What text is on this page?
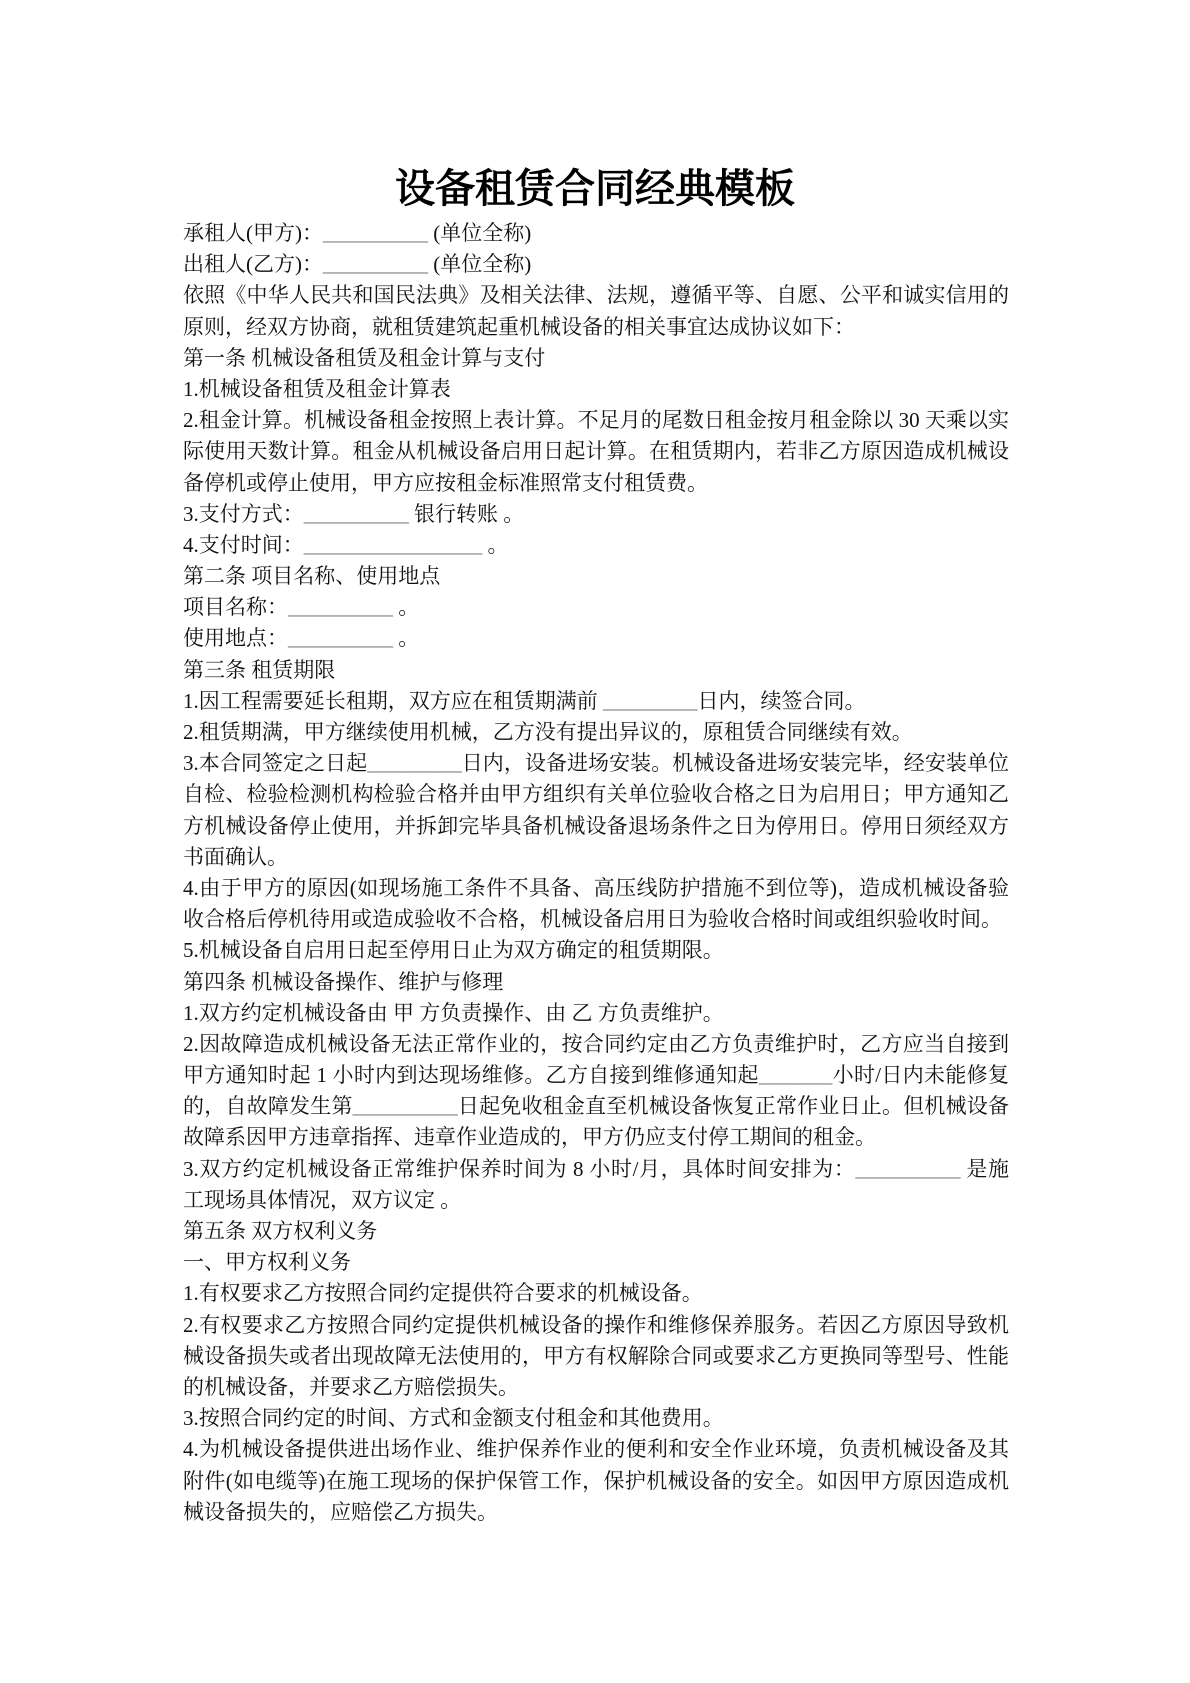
设备租赁合同经典模板
承租人(甲方)：__________ (单位全称)
出租人(乙方)：__________ (单位全称)
依照《中华人民共和国民法典》及相关法律、法规，遵循平等、自愿、公平和诚实信用的
原则，经双方协商，就租赁建筑起重机械设备的相关事宜达成协议如下：
第一条 机械设备租赁及租金计算与支付
1.机械设备租赁及租金计算表
2.租金计算。机械设备租金按照上表计算。不足月的尾数日租金按月租金除以 30 天乘以实
际使用天数计算。租金从机械设备启用日起计算。在租赁期内，若非乙方原因造成机械设
备停机或停止使用，甲方应按租金标准照常支付租赁费。
3.支付方式：__________ 银行转账 。
4.支付时间：_________________ 。
第二条 项目名称、使用地点
项目名称：__________ 。
使用地点：__________ 。
第三条 租赁期限
1.因工程需要延长租期，双方应在租赁期满前 _________日内，续签合同。
2.租赁期满，甲方继续使用机械，乙方没有提出异议的，原租赁合同继续有效。
3.本合同签定之日起_________日内，设备进场安装。机械设备进场安装完毕，经安装单位
自检、检验检测机构检验合格并由甲方组织有关单位验收合格之日为启用日；甲方通知乙
方机械设备停止使用，并拆卸完毕具备机械设备退场条件之日为停用日。停用日须经双方
书面确认。
4.由于甲方的原因(如现场施工条件不具备、高压线防护措施不到位等)，造成机械设备验
收合格后停机待用或造成验收不合格，机械设备启用日为验收合格时间或组织验收时间。
5.机械设备自启用日起至停用日止为双方确定的租赁期限。
第四条 机械设备操作、维护与修理
1.双方约定机械设备由 甲 方负责操作、由 乙 方负责维护。
2.因故障造成机械设备无法正常作业的，按合同约定由乙方负责维护时，乙方应当自接到
甲方通知时起 1 小时内到达现场维修。乙方自接到维修通知起_______小时/日内未能修复
的，自故障发生第__________日起免收租金直至机械设备恢复正常作业日止。但机械设备
故障系因甲方违章指挥、违章作业造成的，甲方仍应支付停工期间的租金。
3.双方约定机械设备正常维护保养时间为 8 小时/月，具体时间安排为：__________ 是施
工现场具体情况，双方议定 。
第五条 双方权利义务
一、甲方权利义务
1.有权要求乙方按照合同约定提供符合要求的机械设备。
2.有权要求乙方按照合同约定提供机械设备的操作和维修保养服务。若因乙方原因导致机
械设备损失或者出现故障无法使用的，甲方有权解除合同或要求乙方更换同等型号、性能
的机械设备，并要求乙方赔偿损失。
3.按照合同约定的时间、方式和金额支付租金和其他费用。
4.为机械设备提供进出场作业、维护保养作业的便利和安全作业环境，负责机械设备及其
附件(如电缆等)在施工现场的保护保管工作，保护机械设备的安全。如因甲方原因造成机
械设备损失的，应赔偿乙方损失。
